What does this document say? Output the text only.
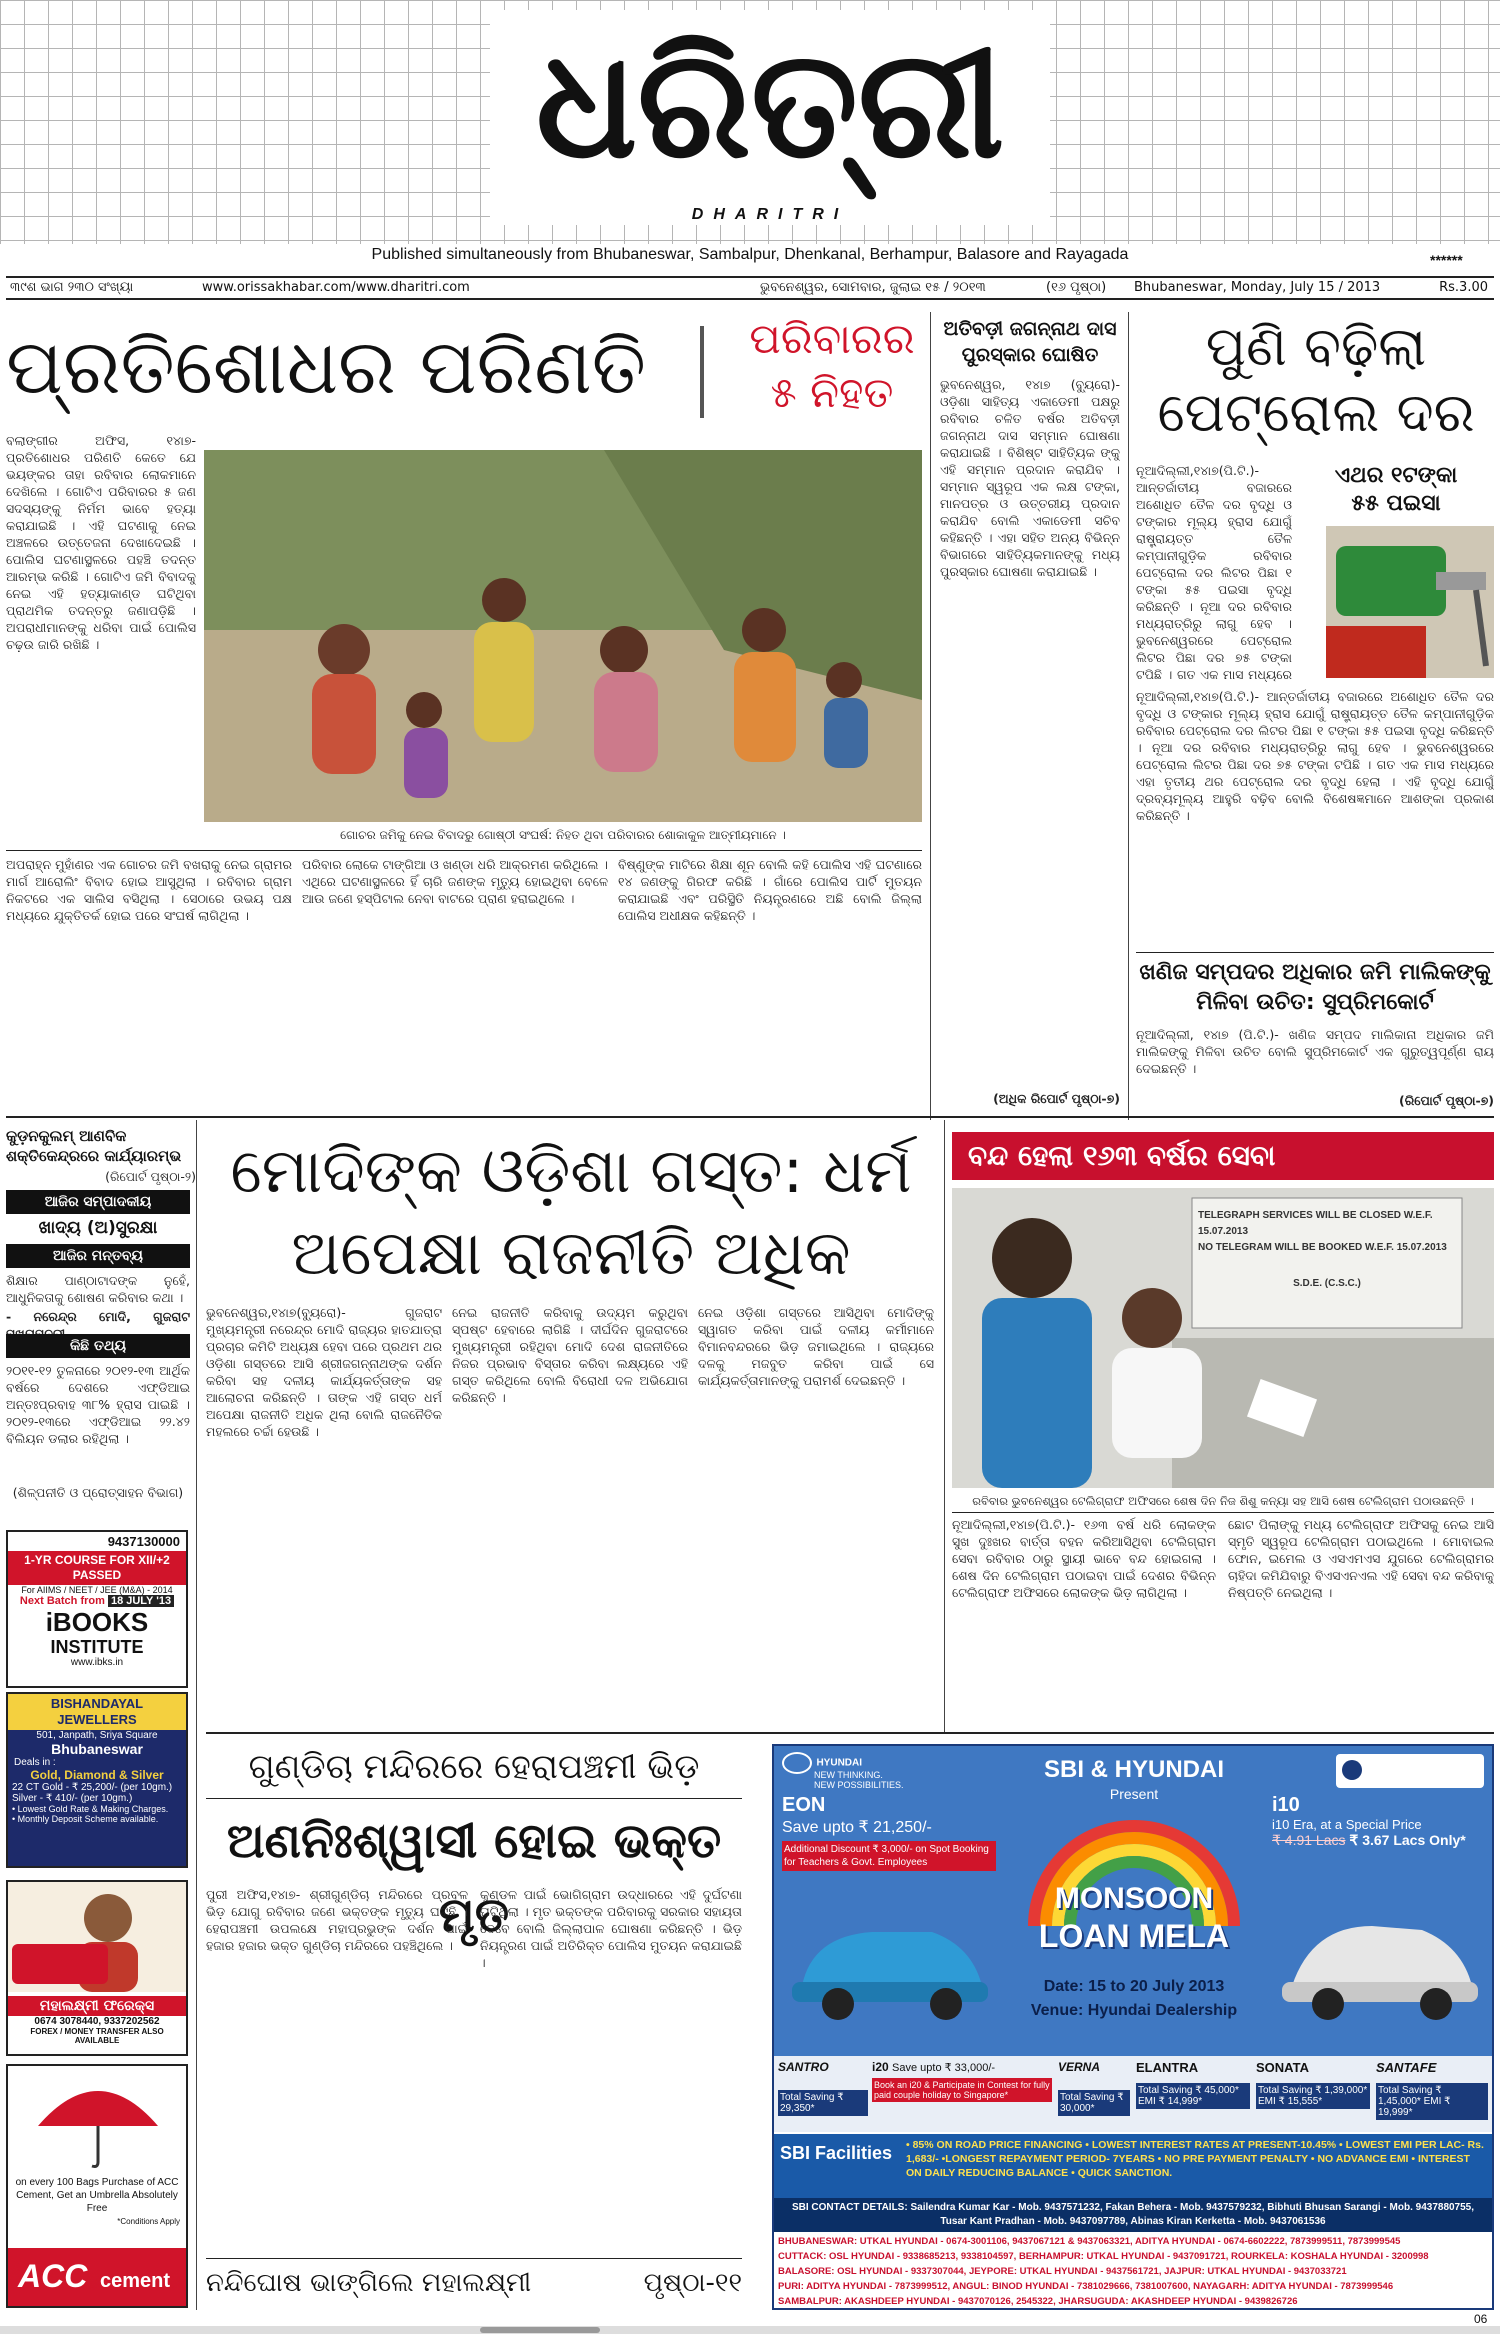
ଧରିତ୍ରୀ
DHARITRI
Published simultaneously from Bhubaneswar, Sambalpur, Dhenkanal, Berhampur, Balasore and Rayagada	******
୩୯ଶ ଭାଗ ୨୩୦ ସଂଖ୍ୟା	www.orissakhabar.com/www.dharitri.com	ଭୁବନେଶ୍ୱର, ସୋମବାର, ଜୁଲାଇ ୧୫ / ୨୦୧୩	(୧୬ ପୃଷ୍ଠା) Bhubaneswar, Monday, July 15 / 2013	Rs.3.00
ପ୍ରତିଶୋଧର ପରିଣତି	ପରିବାରର
୫ ନିହତ
ବଲାଙ୍ଗୀର ଅଫିସ, ୧୪ା୭- ପ୍ରତିଶୋଧର ପରିଣତି କେତେ ଯେ ଭୟଙ୍କର ତାହା ରବିବାର ଲୋକମାନେ ଦେଖିଲେ । ଗୋଟିଏ ପରିବାରର ୫ ଜଣ ସଦସ୍ୟଙ୍କୁ ନିର୍ମମ ଭାବେ ହତ୍ୟା କରାଯାଇଛି । ଏହି ଘଟଣାକୁ ନେଇ ଅଞ୍ଚଳରେ ଉତ୍ତେଜନା ଦେଖାଦେଇଛି । ପୋଲିସ ଘଟଣାସ୍ଥଳରେ ପହଞ୍ଚି ତଦନ୍ତ ଆରମ୍ଭ କରିଛି । ଗୋଟିଏ ଜମି ବିବାଦକୁ ନେଇ ଏହି ହତ୍ୟାକାଣ୍ଡ ଘଟିଥିବା ପ୍ରାଥମିକ ତଦନ୍ତରୁ ଜଣାପଡ଼ିଛି । ଅପରାଧୀମାନଙ୍କୁ ଧରିବା ପାଇଁ ପୋଲିସ ଚଢ଼ଉ ଜାରି ରଖିଛି ।
ଗୋଚର ଜମିକୁ ନେଇ ବିବାଦରୁ ଗୋଷ୍ଠୀ ସଂଘର୍ଷ: ନିହତ ଥିବା ପରିବାରର ଶୋକାକୁଳ ଆତ୍ମୀୟମାନେ ।
ଅପରାହ୍ନ ମୁହାଁଣର ଏକ ଗୋଚର ଜମି ବଖରାକୁ ନେଇ ଗ୍ରାମର ମାର୍ଗ ଆରୋଲିଂ ବିବାଦ ହୋଇ ଆସୁଥିଲା । ରବିବାର ଗ୍ରାମ ନିକଟରେ ଏକ ସାଲିସ ବସିଥିଲା । ସେଠାରେ ଉଭୟ ପକ୍ଷ ମଧ୍ୟରେ ଯୁକ୍ତିତର୍କ ହୋଇ ପରେ ସଂଘର୍ଷ ଲାଗିଥିଲା ।
ପରିବାର ଲୋକେ ଟାଙ୍ଗିଆ ଓ ଖଣ୍ଡା ଧରି ଆକ୍ରମଣ କରିଥିଲେ । ଏଥିରେ ଘଟଣାସ୍ଥଳରେ ହିଁ ଚାରି ଜଣଙ୍କ ମୃତ୍ୟୁ ହୋଇଥିବା ବେଳେ ଆଉ ଜଣେ ହସ୍ପିଟାଲ ନେବା ବାଟରେ ପ୍ରାଣ ହରାଇଥିଲେ ।
ବିଷ୍ଣୁଙ୍କ ମାଟିରେ ଶିକ୍ଷା ଶୂନ ବୋଲି କହି ପୋଲିସ ଏହି ଘଟଣାରେ ୧୪ ଜଣଙ୍କୁ ଗିରଫ କରିଛି । ଗାଁରେ ପୋଲିସ ପାର୍ଟି ମୁତୟନ କରାଯାଇଛି ଏବଂ ପରିସ୍ଥିତି ନିୟନ୍ତ୍ରଣରେ ଅଛି ବୋଲି ଜିଲ୍ଲା ପୋଲିସ ଅଧୀକ୍ଷକ କହିଛନ୍ତି ।
ଅତିବଡ଼ୀ ଜଗନ୍ନାଥ ଦାସ ପୁରସ୍କାର ଘୋଷିତ
ଭୁବନେଶ୍ୱର, ୧୪ା୭ (ବ୍ୟୁରୋ)- ଓଡ଼ିଶା ସାହିତ୍ୟ ଏକାଡେମୀ ପକ୍ଷରୁ ରବିବାର ଚଳିତ ବର୍ଷର ଅତିବଡ଼ୀ ଜଗନ୍ନାଥ ଦାସ ସମ୍ମାନ ଘୋଷଣା କରାଯାଇଛି । ବିଶିଷ୍ଟ ସାହିତ୍ୟିକ ଙ୍କୁ ଏହି ସମ୍ମାନ ପ୍ରଦାନ କରାଯିବ । ସମ୍ମାନ ସ୍ୱରୂପ ଏକ ଲକ୍ଷ ଟଙ୍କା, ମାନପତ୍ର ଓ ଉତ୍ତରୀୟ ପ୍ରଦାନ କରାଯିବ ବୋଲି ଏକାଡେମୀ ସଚିବ କହିଛନ୍ତି । ଏହା ସହିତ ଅନ୍ୟ ବିଭିନ୍ନ ବିଭାଗରେ ସାହିତ୍ୟିକମାନଙ୍କୁ ମଧ୍ୟ ପୁରସ୍କାର ଘୋଷଣା କରାଯାଇଛି ।
(ଅଧିକ ରିପୋର୍ଟ ପୃଷ୍ଠା-୭)
ପୁଣି ବଢ଼ିଲା
ପେଟ୍ରୋଲ ଦର
ଏଥର ୧ଟଙ୍କା
୫୫ ପଇସା
ନୂଆଦିଲ୍ଲୀ,୧୪ା୭(ପି.ଟି.)- ଆନ୍ତର୍ଜାତୀୟ ବଜାରରେ ଅଶୋଧିତ ତୈଳ ଦର ବୃଦ୍ଧି ଓ ଟଙ୍କାର ମୂଲ୍ୟ ହ୍ରାସ ଯୋଗୁଁ ରାଷ୍ଟ୍ରାୟତ୍ତ ତୈଳ କମ୍ପାନୀଗୁଡ଼ିକ ରବିବାର ପେଟ୍ରୋଲ ଦର ଲିଟର ପିଛା ୧ ଟଙ୍କା ୫୫ ପଇସା ବୃଦ୍ଧି କରିଛନ୍ତି । ନୂଆ ଦର ରବିବାର ମଧ୍ୟରାତ୍ରିରୁ ଲାଗୁ ହେବ । ଭୁବନେଶ୍ୱରରେ ପେଟ୍ରୋଲ ଲିଟର ପିଛା ଦର ୭୫ ଟଙ୍କା ଟପିଛି । ଗତ ଏକ ମାସ ମଧ୍ୟରେ
ନୂଆଦିଲ୍ଲୀ,୧୪ା୭(ପି.ଟି.)- ଆନ୍ତର୍ଜାତୀୟ ବଜାରରେ ଅଶୋଧିତ ତୈଳ ଦର ବୃଦ୍ଧି ଓ ଟଙ୍କାର ମୂଲ୍ୟ ହ୍ରାସ ଯୋଗୁଁ ରାଷ୍ଟ୍ରାୟତ୍ତ ତୈଳ କମ୍ପାନୀଗୁଡ଼ିକ ରବିବାର ପେଟ୍ରୋଲ ଦର ଲିଟର ପିଛା ୧ ଟଙ୍କା ୫୫ ପଇସା ବୃଦ୍ଧି କରିଛନ୍ତି । ନୂଆ ଦର ରବିବାର ମଧ୍ୟରାତ୍ରିରୁ ଲାଗୁ ହେବ । ଭୁବନେଶ୍ୱରରେ ପେଟ୍ରୋଲ ଲିଟର ପିଛା ଦର ୭୫ ଟଙ୍କା ଟପିଛି । ଗତ ଏକ ମାସ ମଧ୍ୟରେ ଏହା ତୃତୀୟ ଥର ପେଟ୍ରୋଲ ଦର ବୃଦ୍ଧି ହେଲା । ଏହି ବୃଦ୍ଧି ଯୋଗୁଁ ଦ୍ରବ୍ୟମୂଲ୍ୟ ଆହୁରି ବଢ଼ିବ ବୋଲି ବିଶେଷଜ୍ଞମାନେ ଆଶଙ୍କା ପ୍ରକାଶ କରିଛନ୍ତି ।
ଖଣିଜ ସମ୍ପଦର ଅଧିକାର ଜମି ମାଲିକଙ୍କୁ ମିଳିବା ଉଚିତ: ସୁପ୍ରିମକୋର୍ଟ
ନୂଆଦିଲ୍ଲୀ, ୧୪ା୭ (ପି.ଟି.)- ଖଣିଜ ସମ୍ପଦ ମାଲିକାନା ଅଧିକାର ଜମି ମାଲିକଙ୍କୁ ମିଳିବା ଉଚିତ ବୋଲି ସୁପ୍ରିମକୋର୍ଟ ଏକ ଗୁରୁତ୍ୱପୂର୍ଣ୍ଣ ରାୟ ଦେଇଛନ୍ତି ।
(ରିପୋର୍ଟ ପୃଷ୍ଠା-୭)
କୁଡ଼ନକୁଲମ୍ ଆଣବିକ ଶକ୍ତିକେନ୍ଦ୍ରରେ କାର୍ଯ୍ୟାରମ୍ଭ
(ରିପୋର୍ଟ ପୃଷ୍ଠା-୨)
ଆଜିର ସମ୍ପାଦକୀୟ
ଖାଦ୍ୟ (ଅ)ସୁରକ୍ଷା
ଆଜିର ମନ୍ତବ୍ୟ
ଶିକ୍ଷାର ପାଣ୍ଠାଟାଦଙ୍କ ନୁହେଁ, ଆଧୁନିକତାକୁ ଶୋଷଣ କରିବାର କଥା ।
- ନରେନ୍ଦ୍ର ମୋଦି, ଗୁଜରାଟ
କିଛି ତଥ୍ୟ
୨୦୧୧-୧୨ ତୁଳନାରେ ୨୦୧୨-୧୩ ଆର୍ଥିକ ବର୍ଷରେ ଦେଶରେ ଏଫ୍‌ଡିଆଇ ଅନ୍ତଃପ୍ରବାହ ୩୮% ହ୍ରାସ ପାଇଛି । ୨୦୧୨-୧୩ରେ ଏଫ୍‌ଡିଆଇ ୨୨.୪୨ ବିଲିୟନ ଡଲାର ରହିଥିଲା ।
(ଶିଳ୍ପନୀତି ଓ ପ୍ରୋତ୍ସାହନ ବିଭାଗ)
9437130000
1-YR COURSE FOR XII/+2 PASSED
For AIIMS / NEET / JEE (M&A) - 2014
Next Batch from 18 JULY '13
iBOOKS
INSTITUTE
www.ibks.in
BISHANDAYAL JEWELLERS
501, Janpath, Sriya Square
Bhubaneswar
Deals in :
Gold, Diamond & Silver
22 CT Gold - ₹ 25,200/- (per 10gm.)
Silver - ₹ 410/- (per 10gm.)
• Lowest Gold Rate & Making Charges.
• Monthly Deposit Scheme available.
ମହାଲକ୍ଷ୍ମୀ ଫରେକ୍ସ
0674 3078440, 9337202562
FOREX / MONEY TRANSFER ALSO AVAILABLE
on every 100 Bags Purchase of ACC Cement, Get an Umbrella Absolutely Free
*Conditions Apply
ACC cement
ମୋଦିଙ୍କ ଓଡ଼ିଶା ଗସ୍ତ: ଧର୍ମ
ଅପେକ୍ଷା ରାଜନୀତି ଅଧିକ
ଭୁବନେଶ୍ୱର,୧୪ା୭(ବ୍ୟୁରୋ)- ଗୁଜରାଟ ମୁଖ୍ୟମନ୍ତ୍ରୀ ନରେନ୍ଦ୍ର ମୋଦି ରାଜ୍ୟର ହାତଯାତ୍ରା ପ୍ରଚାର କମିଟି ଅଧ୍ୟକ୍ଷ ହେବା ପରେ ପ୍ରଥମ ଥର ଓଡ଼ିଶା ଗସ୍ତରେ ଆସି ଶ୍ରୀଜଗନ୍ନାଥଙ୍କ ଦର୍ଶନ କରିବା ସହ ଦଳୀୟ କାର୍ଯ୍ୟକର୍ତ୍ତାଙ୍କ ସହ ଆଲୋଚନା କରିଛନ୍ତି । ତାଙ୍କ ଏହି ଗସ୍ତ ଧର୍ମ ଅପେକ୍ଷା ରାଜନୀତି ଅଧିକ ଥିଲା ବୋଲି ରାଜନୈତିକ ମହଲରେ ଚର୍ଚ୍ଚା ହେଉଛି ।
ନେଇ ରାଜନୀତି କରିବାକୁ ଉଦ୍ୟମ କରୁଥିବା ସ୍ପଷ୍ଟ ହେବାରେ ଲାଗିଛି । ଦୀର୍ଘଦିନ ଗୁଜରାଟରେ ମୁଖ୍ୟମନ୍ତ୍ରୀ ରହିଥିବା ମୋଦି ଦେଶ ରାଜନୀତିରେ ନିଜର ପ୍ରଭାବ ବିସ୍ତାର କରିବା ଲକ୍ଷ୍ୟରେ ଏହି ଗସ୍ତ କରିଥିଲେ ବୋଲି ବିରୋଧୀ ଦଳ ଅଭିଯୋଗ କରିଛନ୍ତି ।
ନେଇ ଓଡ଼ିଶା ଗସ୍ତରେ ଆସିଥିବା ମୋଦିଙ୍କୁ ସ୍ୱାଗତ କରିବା ପାଇଁ ଦଳୀୟ କର୍ମୀମାନେ ବିମାନବନ୍ଦରରେ ଭିଡ଼ ଜମାଇଥିଲେ । ରାଜ୍ୟରେ ଦଳକୁ ମଜବୁତ କରିବା ପାଇଁ ସେ କାର୍ଯ୍ୟକର୍ତ୍ତାମାନଙ୍କୁ ପରାମର୍ଶ ଦେଇଛନ୍ତି ।
ବନ୍ଦ ହେଲା ୧୬୩ ବର୍ଷର ସେବା
TELEGRAPH SERVICES WILL BE CLOSED W.E.F. 15.07.2013
NO TELEGRAM WILL BE BOOKED W.E.F. 15.07.2013
S.D.E. (C.S.C.)
ରବିବାର ଭୁବନେଶ୍ୱର ଟେଲିଗ୍ରାଫ ଅଫିସରେ ଶେଷ ଦିନ ନିଜ ଶିଶୁ କନ୍ୟା ସହ ଆସି ଶେଷ ଟେଲିଗ୍ରାମ ପଠାଉଛନ୍ତି ।
ନୂଆଦିଲ୍ଲୀ,୧୪ା୭(ପି.ଟି.)- ୧୬୩ ବର୍ଷ ଧରି ଲୋକଙ୍କ ସୁଖ ଦୁଃଖର ବାର୍ତ୍ତା ବହନ କରିଆସିଥିବା ଟେଲିଗ୍ରାମ ସେବା ରବିବାର ଠାରୁ ସ୍ଥାୟୀ ଭାବେ ବନ୍ଦ ହୋଇଗଲା । ଶେଷ ଦିନ ଟେଲିଗ୍ରାମ ପଠାଇବା ପାଇଁ ଦେଶର ବିଭିନ୍ନ ଟେଲିଗ୍ରାଫ ଅଫିସରେ ଲୋକଙ୍କ ଭିଡ଼ ଲାଗିଥିଲା ।
ଛୋଟ ପିଲାଙ୍କୁ ମଧ୍ୟ ଟେଲିଗ୍ରାଫ ଅଫିସକୁ ନେଇ ଆସି ସ୍ମୃତି ସ୍ୱରୂପ ଟେଲିଗ୍ରାମ ପଠାଇଥିଲେ । ମୋବାଇଲ ଫୋନ, ଇମେଲ ଓ ଏସଏମଏସ ଯୁଗରେ ଟେଲିଗ୍ରାମର ଚାହିଦା କମିଯିବାରୁ ବିଏସଏନଏଲ ଏହି ସେବା ବନ୍ଦ କରିବାକୁ ନିଷ୍ପତ୍ତି ନେଇଥିଲା ।
ଗୁଣ୍ଡିଚା ମନ୍ଦିରରେ ହେରାପଞ୍ଚମୀ ଭିଡ଼
ଅଣନିଃଶ୍ୱାସୀ ହୋଇ ଭକ୍ତ ମୃତ
ପୁରୀ ଅଫିସ,୧୪ା୭- ଶ୍ରୀଗୁଣ୍ଡିଚା ମନ୍ଦିରରେ ପ୍ରବଳ ଭିଡ଼ ଯୋଗୁ ରବିବାର ଜଣେ ଭକ୍ତଙ୍କ ମୃତ୍ୟୁ ଘଟିଛି । ହେରାପଞ୍ଚମୀ ଉପଲକ୍ଷେ ମହାପ୍ରଭୁଙ୍କ ଦର୍ଶନ ପାଇଁ ହଜାର ହଜାର ଭକ୍ତ ଗୁଣ୍ଡିଚା ମନ୍ଦିରରେ ପହଞ୍ଚିଥିଲେ ।
କୁଣ୍ଡଳ ପାଇଁ ଭୋଗିଗ୍ରାମ ଉଦ୍ଧାରରେ ଏହି ଦୁର୍ଘଟଣା ଘଟିଥିଲା । ମୃତ ଭକ୍ତଙ୍କ ପରିବାରକୁ ସରକାର ସହାୟତା ଦେବେ ବୋଲି ଜିଲ୍ଲାପାଳ ଘୋଷଣା କରିଛନ୍ତି । ଭିଡ଼ ନିୟନ୍ତ୍ରଣ ପାଇଁ ଅତିରିକ୍ତ ପୋଲିସ ମୁତୟନ କରାଯାଇଛି ।
ନନ୍ଦିଘୋଷ ଭାଙ୍ଗିଲେ ମହାଲକ୍ଷ୍ମୀ	ପୃଷ୍ଠା-୧୧
HYUNDAI
NEW THINKING.
NEW POSSIBILITIES.
SBI & HYUNDAI
Present
MONSOON
LOAN MELA
Date: 15 to 20 July 2013
Venue: Hyundai Dealership
EON
Save upto ₹ 21,250/-
Additional Discount ₹ 3,000/- on Spot Booking for Teachers & Govt. Employees
i10
i10 Era, at a Special Price
₹ 4.91 Lacs ₹ 3.67 Lacs Only*
SANTRO
Total Saving ₹ 29,350*
i20 Save upto ₹ 33,000/-
Book an i20 & Participate in Contest for fully paid couple holiday to Singapore*
VERNA
Total Saving ₹ 30,000*
ELANTRA
Total Saving ₹ 45,000* EMI ₹ 14,999*
SONATA
Total Saving ₹ 1,39,000* EMI ₹ 15,555*
SANTAFE
Total Saving ₹ 1,45,000* EMI ₹ 19,999*
SBI Facilities	• 85% ON ROAD PRICE FINANCING • LOWEST INTEREST RATES AT PRESENT-10.45% • LOWEST EMI PER LAC- Rs. 1,683/- •LONGEST REPAYMENT PERIOD- 7YEARS • NO PRE PAYMENT PENALTY • NO ADVANCE EMI • INTEREST ON DAILY REDUCING BALANCE • QUICK SANCTION.
SBI CONTACT DETAILS: Sailendra Kumar Kar - Mob. 9437571232, Fakan Behera - Mob. 9437579232, Bibhuti Bhusan Sarangi - Mob. 9437880755, Tusar Kant Pradhan - Mob. 9437097789, Abinas Kiran Kerketta - Mob. 9437061536
BHUBANESWAR: UTKAL HYUNDAI - 0674-3001106, 9437067121 & 9437063321, ADITYA HYUNDAI - 0674-6602222, 7873999511, 7873999545
CUTTACK: OSL HYUNDAI - 9338685213, 9338104597, BERHAMPUR: UTKAL HYUNDAI - 9437091721, ROURKELA: KOSHALA HYUNDAI - 3200998
BALASORE: OSL HYUNDAI - 9337307044, JEYPORE: UTKAL HYUNDAI - 9437561721, JAJPUR: UTKAL HYUNDAI - 9437033721
PURI: ADITYA HYUNDAI - 7873999512, ANGUL: BINOD HYUNDAI - 7381029666, 7381007600, NAYAGARH: ADITYA HYUNDAI - 7873999546
SAMBALPUR: AKASHDEEP HYUNDAI - 9437070126, 2545322, JHARSUGUDA: AKASHDEEP HYUNDAI - 9439826726
06
